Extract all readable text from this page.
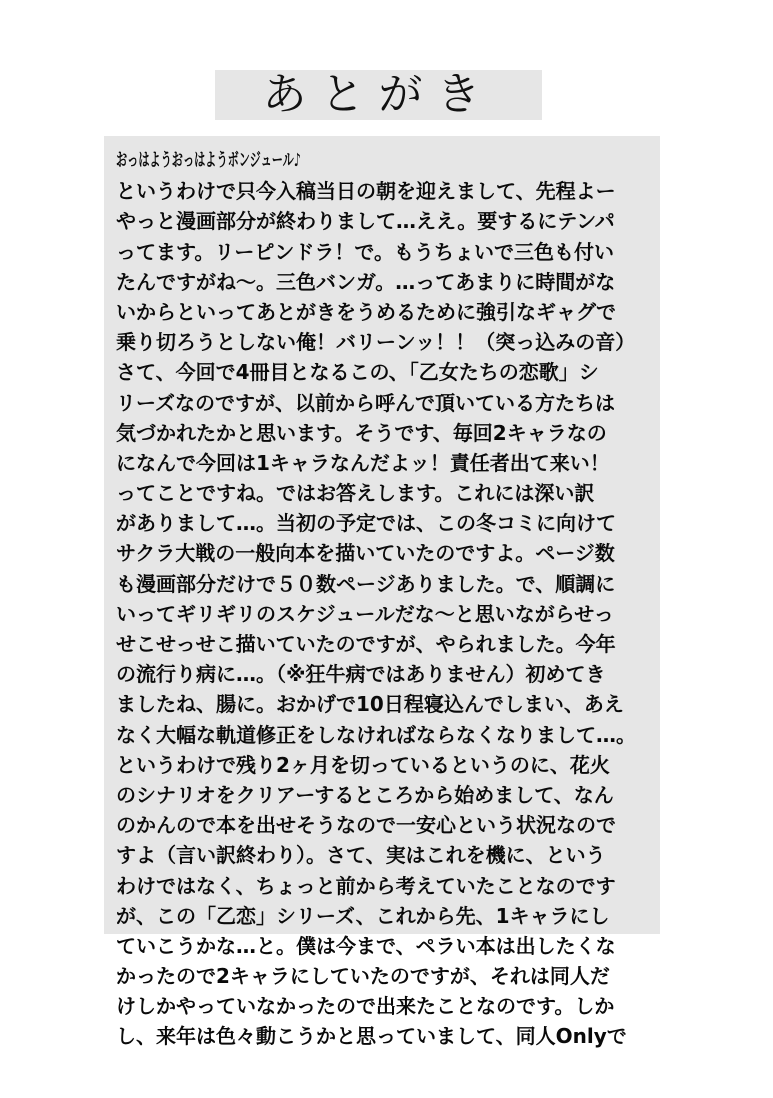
あとがき
おっはようおっはようボンジュール♪
というわけで只今入稿当日の朝を迎えまして、先程よー
やっと漫画部分が終わりまして…ええ。要するにテンパ
ってます。リーピンドラ！で。もうちょいで三色も付い
たんですがね〜。三色バンガ。…ってあまりに時間がな
いからといってあとがきをうめるために強引なギャグで
乗り切ろうとしない俺！バリーンッ！！（突っ込みの音）
さて、今回で4冊目となるこの、「乙女たちの恋歌」シ
リーズなのですが、以前から呼んで頂いている方たちは
気づかれたかと思います。そうです、毎回2キャラなの
になんで今回は1キャラなんだよッ！責任者出て来い！
ってことですね。ではお答えします。これには深い訳
がありまして…。当初の予定では、この冬コミに向けて
サクラ大戦の一般向本を描いていたのですよ。ページ数
も漫画部分だけで５０数ページありました。で、順調に
いってギリギリのスケジュールだな〜と思いながらせっ
せこせっせこ描いていたのですが、やられました。今年
の流行り病に…。（※狂牛病ではありません）初めてき
ましたね、腸に。おかげで10日程寝込んでしまい、あえ
なく大幅な軌道修正をしなければならなくなりまして…。
というわけで残り2ヶ月を切っているというのに、花火
のシナリオをクリアーするところから始めまして、なん
のかんので本を出せそうなので一安心という状況なので
すよ（言い訳終わり）。さて、実はこれを機に、という
わけではなく、ちょっと前から考えていたことなのです
が、この「乙恋」シリーズ、これから先、1キャラにし
ていこうかな…と。僕は今まで、ペラい本は出したくな
かったので2キャラにしていたのですが、それは同人だ
けしかやっていなかったので出来たことなのです。しか
し、来年は色々動こうかと思っていまして、同人Onlyで
